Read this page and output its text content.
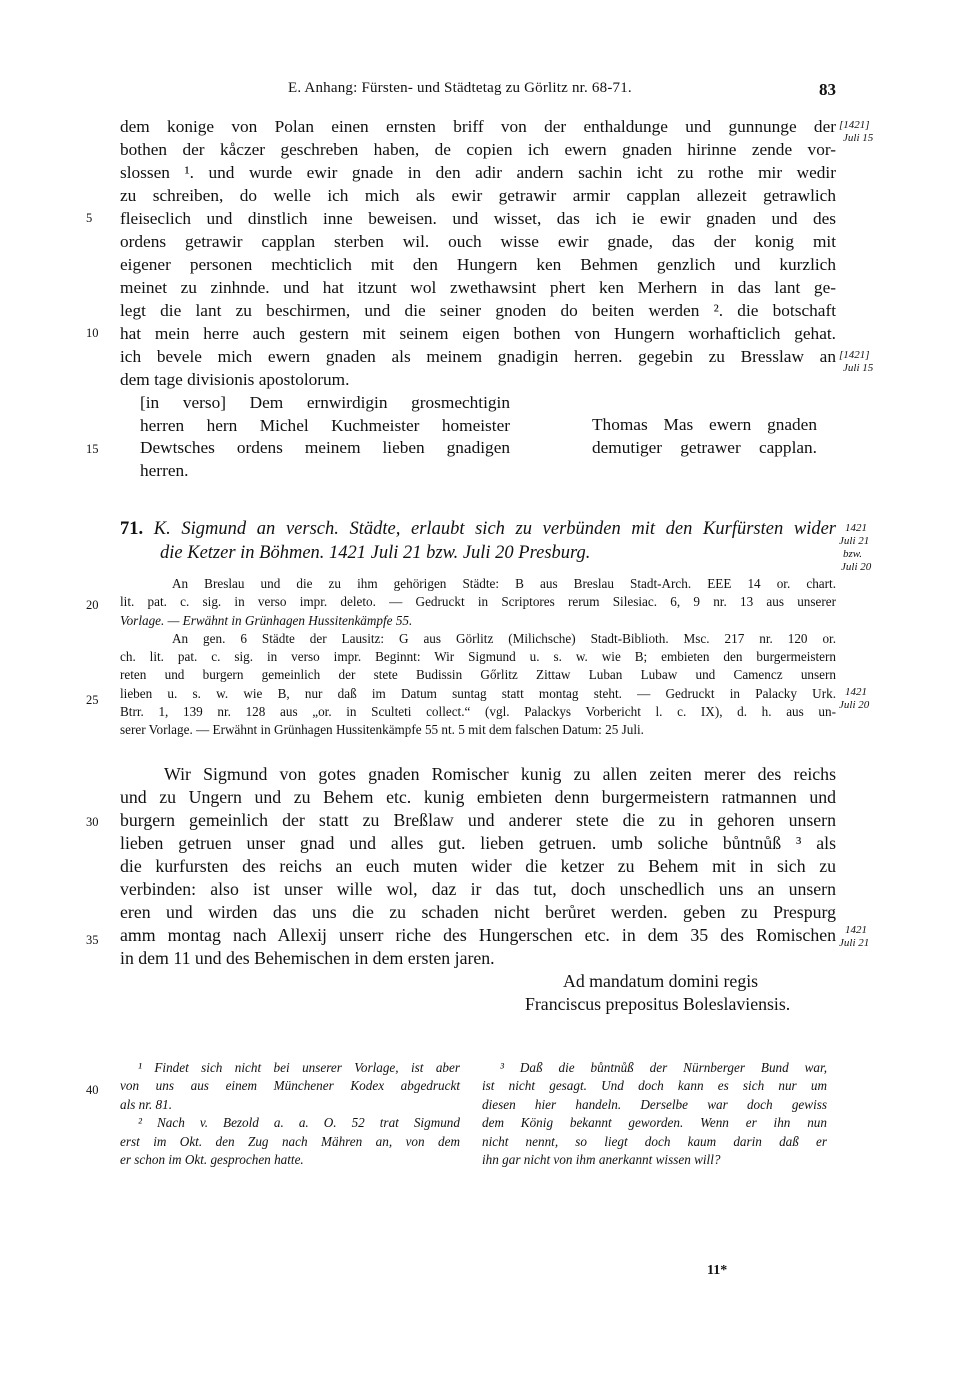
E. Anhang: Fürsten- und Städtetag zu Görlitz nr. 68-71.	83
dem konige von Polan einen ernsten briff von der enthaldunge und gunnunge der
bothen der kåczer geschreben haben, de copien ich ewern gnaden hirinne zende vor-
slossen ¹. und wurde ewir gnade in den adir andern sachin icht zu rothe mir wedir
zu schreiben, do welle ich mich als ewir getrawir armir capplan allezeit getrawlich
fleiseclich und dinstlich inne beweisen. und wisset, das ich ie ewir gnaden und des
ordens getrawir capplan sterben wil. ouch wisse ewir gnade, das der konig mit
eigener personen mechticlich mit den Hungern ken Behmen genzlich und kurzlich
meinet zu zinhnde. und hat itzunt wol zwethawsint phert ken Merhern in das lant ge-
legt die lant zu beschirmen, und die seiner gnoden do beiten werden ². die botschaft
hat mein herre auch gestern mit seinem eigen bothen von Hungern worhafticlich gehat.
ich bevele mich ewern gnaden als meinem gnadigin herren. gegebin zu Bresslaw an
dem tage divisionis apostolorum.
[in verso] Dem ernwirdigin grosmechtigin
herren hern Michel Kuchmeister homeister
Dewtsches ordens meinem lieben gnadigen
herren.
Thomas Mas ewern gnaden
demutiger getrawer capplan.
5
10
15
20
25
30
35
40
[1421]
Juli 15
[1421]
Juli 15
1421
Juli 21
bzw.
Juli 20
1421
Juli 20
1421
Juli 21
71. K. Sigmund an versch. Städte, erlaubt sich zu verbünden mit den Kurfürsten wider
die Ketzer in Böhmen. 1421 Juli 21 bzw. Juli 20 Presburg.
An Breslau und die zu ihm gehörigen Städte: B aus Breslau Stadt-Arch. EEE 14 or. chart.
lit. pat. c. sig. in verso impr. deleto. — Gedruckt in Scriptores rerum Silesiac. 6, 9 nr. 13 aus unserer
Vorlage. — Erwähnt in Grünhagen Hussitenkämpfe 55.
An gen. 6 Städte der Lausitz: G aus Görlitz (Milichsche) Stadt-Biblioth. Msc. 217 nr. 120 or.
ch. lit. pat. c. sig. in verso impr. Beginnt: Wir Sigmund u. s. w. wie B; embieten den burgermeistern
reten und burgern gemeinlich der stete Budissin Gőrlitz Zittaw Luban Lubaw und Camencz unsern
lieben u. s. w. wie B, nur daß im Datum suntag statt montag steht. — Gedruckt in Palacky Urk.
Btrr. 1, 139 nr. 128 aus „or. in Sculteti collect.“ (vgl. Palackys Vorbericht l. c. IX), d. h. aus un-
serer Vorlage. — Erwähnt in Grünhagen Hussitenkämpfe 55 nt. 5 mit dem falschen Datum: 25 Juli.
Wir Sigmund von gotes gnaden Romischer kunig zu allen zeiten merer des reichs
und zu Ungern und zu Behem etc. kunig embieten denn burgermeistern ratmannen und
burgern gemeinlich der statt zu Breßlaw und anderer stete die zu in gehoren unsern
lieben getruen unser gnad und alles gut. lieben getruen. umb soliche bůntnůß ³ als
die kurfursten des reichs an euch muten wider die ketzer zu Behem mit in sich zu
verbinden: also ist unser wille wol, daz ir das tut, doch unschedlich uns an unsern
eren und wirden das uns die zu schaden nicht berůret werden. geben zu Prespurg
amm montag nach Allexij unserr riche des Hungerschen etc. in dem 35 des Romischen
in dem 11 und des Behemischen in dem ersten jaren.
Ad mandatum domini regis
Franciscus prepositus Boleslaviensis.
¹ Findet sich nicht bei unserer Vorlage, ist aber
von uns aus einem Münchener Kodex abgedruckt
als nr. 81.
² Nach v. Bezold a. a. O. 52 trat Sigmund
erst im Okt. den Zug nach Mähren an, von dem
er schon im Okt. gesprochen hatte.
³ Daß die bůntnůß der Nürnberger Bund war,
ist nicht gesagt. Und doch kann es sich nur um
diesen hier handeln. Derselbe war doch gewiss
dem König bekannt geworden. Wenn er ihn nun
nicht nennt, so liegt doch kaum darin daß er
ihn gar nicht von ihm anerkannt wissen will?
11*
